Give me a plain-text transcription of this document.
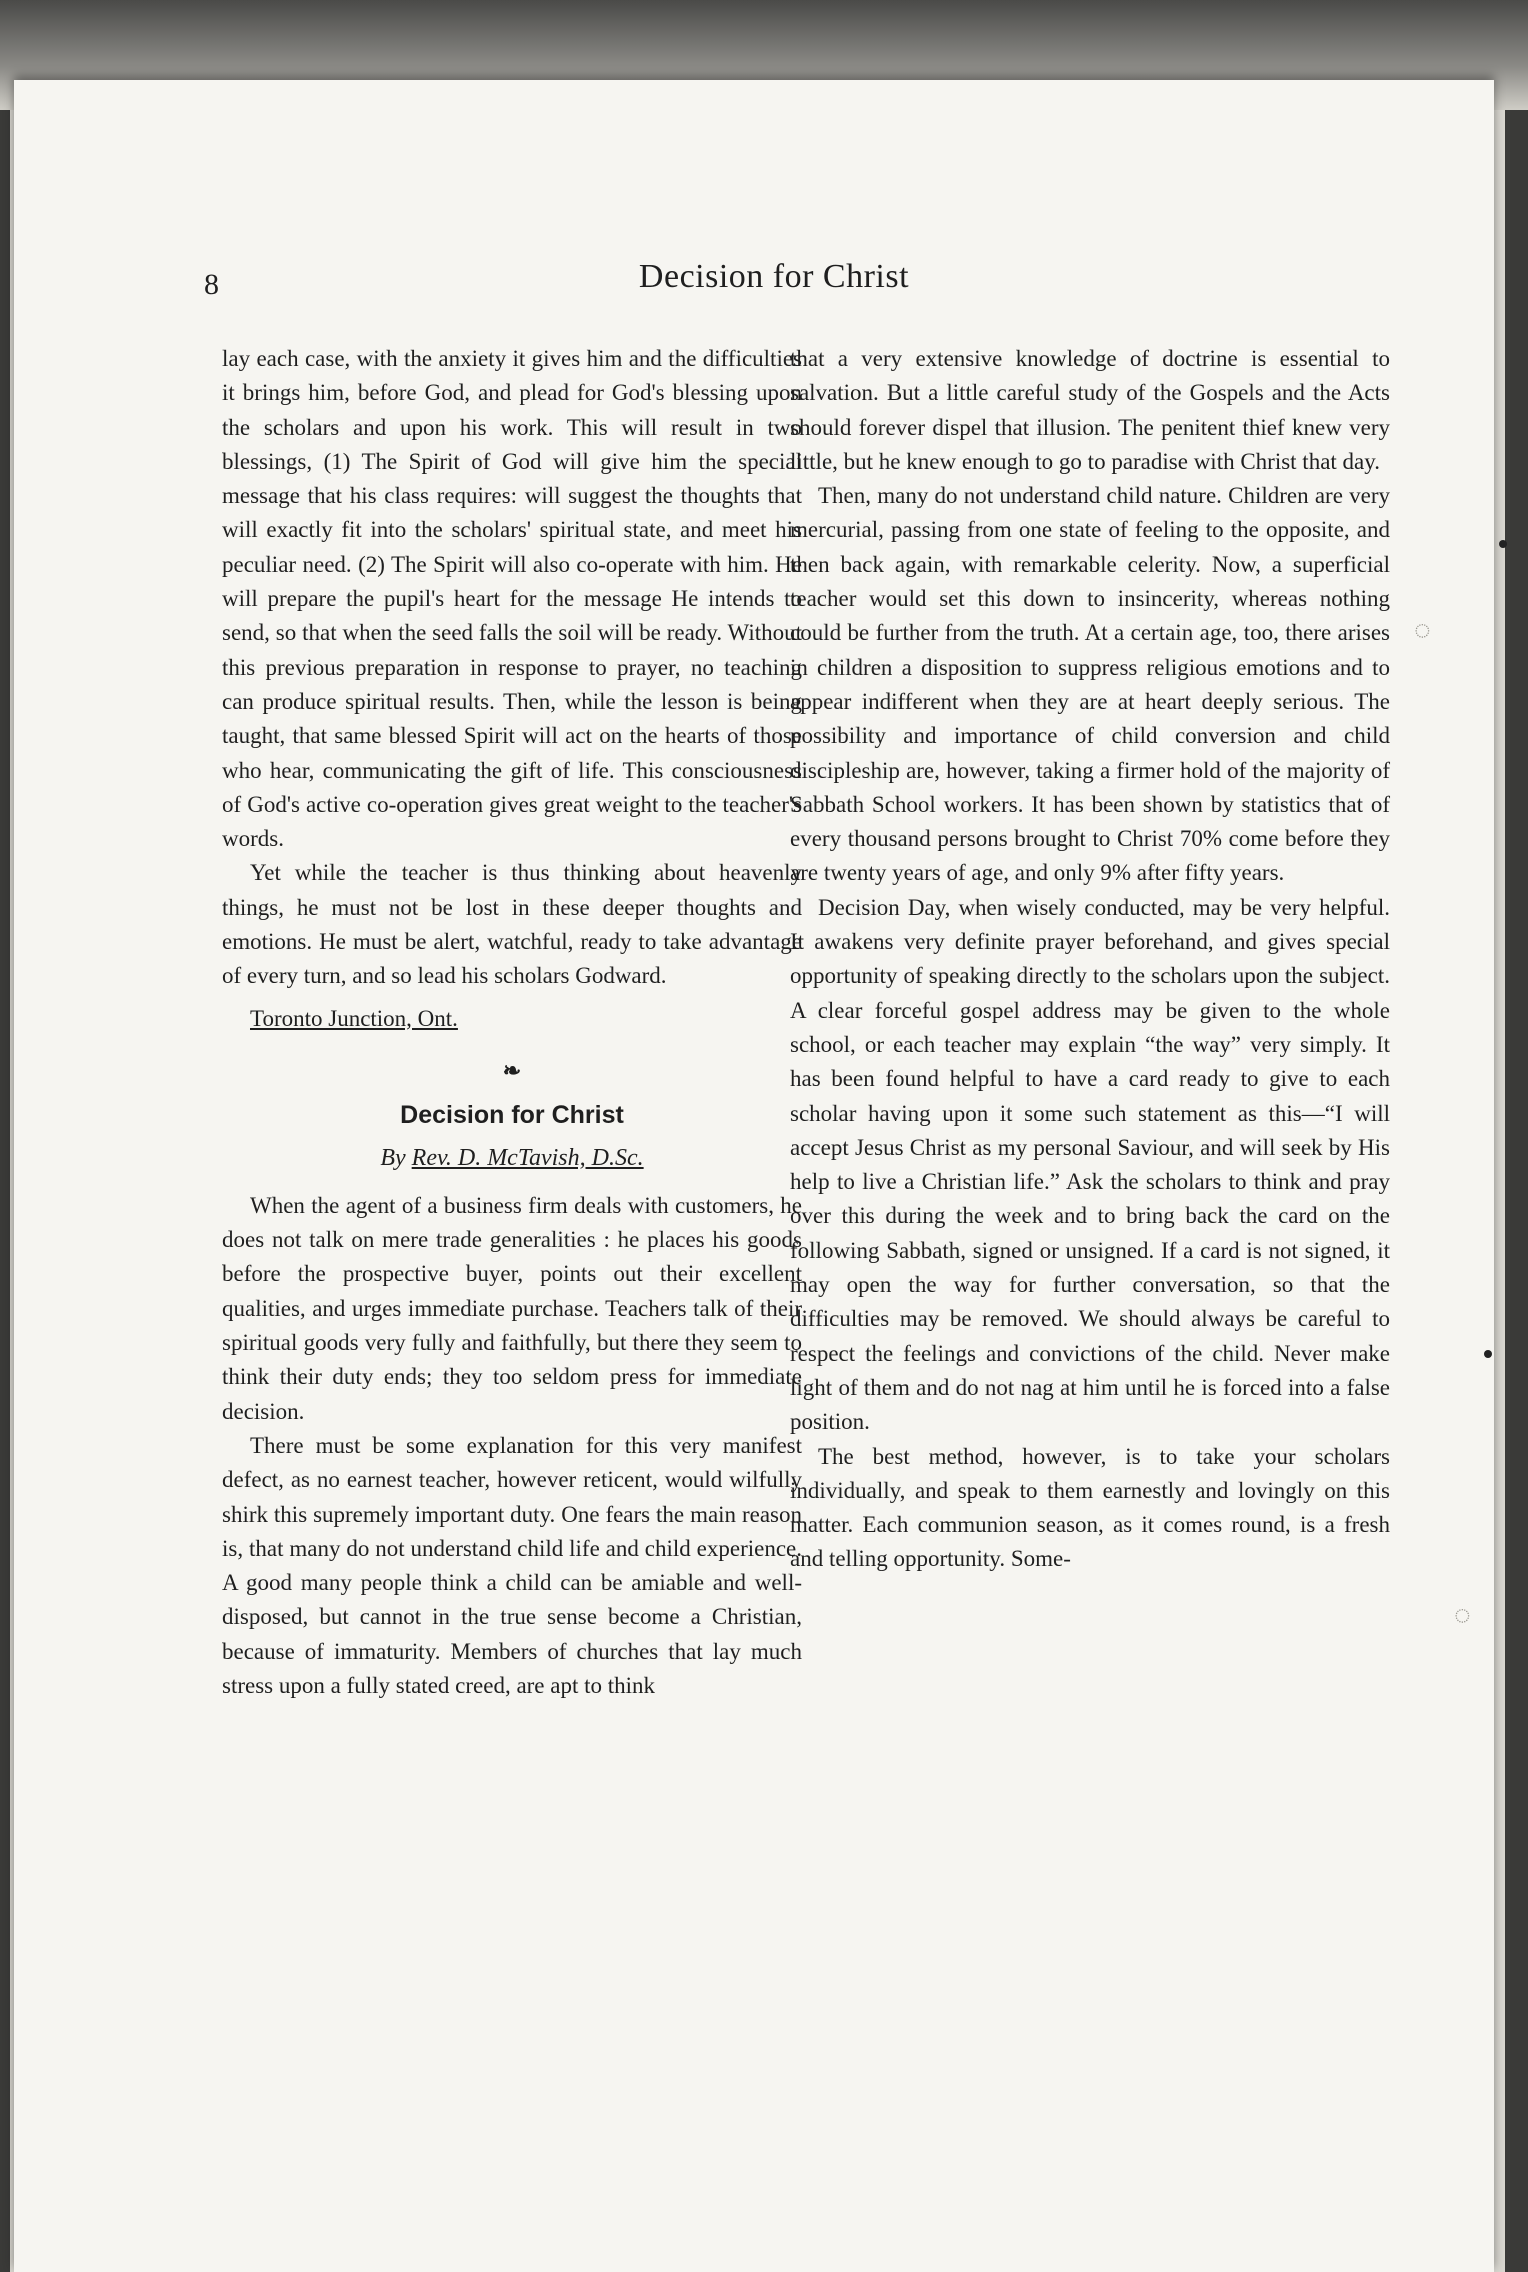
8	Decision for Christ

lay each case, with the anxiety it gives him and the difficulties it brings him, before God, and plead for God's blessing upon the scholars and upon his work. This will result in two blessings, (1) The Spirit of God will give him the special message that his class requires: will suggest the thoughts that will exactly fit into the scholars' spiritual state, and meet his peculiar need. (2) The Spirit will also co-operate with him. He will prepare the pupil's heart for the message He intends to send, so that when the seed falls the soil will be ready. Without this previous preparation in response to prayer, no teaching can produce spiritual results. Then, while the lesson is being taught, that same blessed Spirit will act on the hearts of those who hear, communicating the gift of life. This consciousness of God's active co-operation gives great weight to the teacher's words.

Yet while the teacher is thus thinking about heavenly things, he must not be lost in these deeper thoughts and emotions. He must be alert, watchful, ready to take advantage of every turn, and so lead his scholars Godward.

Toronto Junction, Ont.
❧
Decision for Christ
By Rev. D. McTavish, D.Sc.

When the agent of a business firm deals with customers, he does not talk on mere trade generalities : he places his goods before the prospective buyer, points out their excellent qualities, and urges immediate purchase. Teachers talk of their spiritual goods very fully and faithfully, but there they seem to think their duty ends; they too seldom press for immediate decision.

There must be some explanation for this very manifest defect, as no earnest teacher, however reticent, would wilfully shirk this supremely important duty. One fears the main reason is, that many do not understand child life and child experience. A good many people think a child can be amiable and well-disposed, but cannot in the true sense become a Christian, because of immaturity. Members of churches that lay much stress upon a fully stated creed, are apt to think

that a very extensive knowledge of doctrine is essential to salvation. But a little careful study of the Gospels and the Acts should forever dispel that illusion. The penitent thief knew very little, but he knew enough to go to paradise with Christ that day.

Then, many do not understand child nature. Children are very mercurial, passing from one state of feeling to the opposite, and then back again, with remarkable celerity. Now, a superficial teacher would set this down to insincerity, whereas nothing could be further from the truth. At a certain age, too, there arises in children a disposition to suppress religious emotions and to appear indifferent when they are at heart deeply serious. The possibility and importance of child conversion and child discipleship are, however, taking a firmer hold of the majority of Sabbath School workers. It has been shown by statistics that of every thousand persons brought to Christ 70% come before they are twenty years of age, and only 9% after fifty years.

Decision Day, when wisely conducted, may be very helpful. It awakens very definite prayer beforehand, and gives special opportunity of speaking directly to the scholars upon the subject. A clear forceful gospel address may be given to the whole school, or each teacher may explain “the way” very simply. It has been found helpful to have a card ready to give to each scholar having upon it some such statement as this—“I will accept Jesus Christ as my personal Saviour, and will seek by His help to live a Christian life.” Ask the scholars to think and pray over this during the week and to bring back the card on the following Sabbath, signed or unsigned. If a card is not signed, it may open the way for further conversation, so that the difficulties may be removed. We should always be careful to respect the feelings and convictions of the child. Never make light of them and do not nag at him until he is forced into a false position.

The best method, however, is to take your scholars individually, and speak to them earnestly and lovingly on this matter. Each communion season, as it comes round, is a fresh and telling opportunity. Some-

◌
◌
